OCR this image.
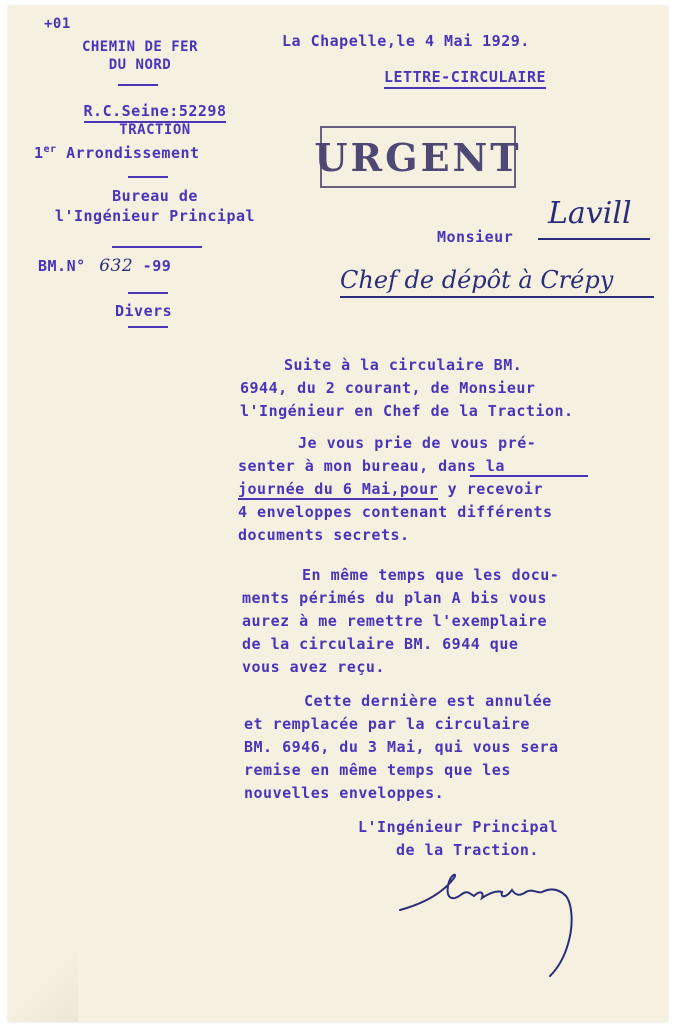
+01
CHEMIN DE FER
DU NORD
R.C.Seine:52298
TRACTION
1er Arrondissement
Bureau de
l'Ingénieur Principal
BM.N° 632 -99
Divers
La Chapelle,le 4 Mai 1929.
LETTRE-CIRCULAIRE
URGENT
Monsieur
Lavill
Chef de dépôt à Crépy
Suite à la circulaire BM.
6944, du 2 courant, de Monsieur
l'Ingénieur en Chef de la Traction.
Je vous prie de vous pré-
senter à mon bureau, dans la
journée du 6 Mai,pour y recevoir
4 enveloppes contenant différents
documents secrets.
En même temps que les docu-
ments périmés du plan A bis vous
aurez à me remettre l'exemplaire
de la circulaire BM. 6944 que
vous avez reçu.
Cette dernière est annulée
et remplacée par la circulaire
BM. 6946, du 3 Mai, qui vous sera
remise en même temps que les
nouvelles enveloppes.
L'Ingénieur Principal
de la Traction.
